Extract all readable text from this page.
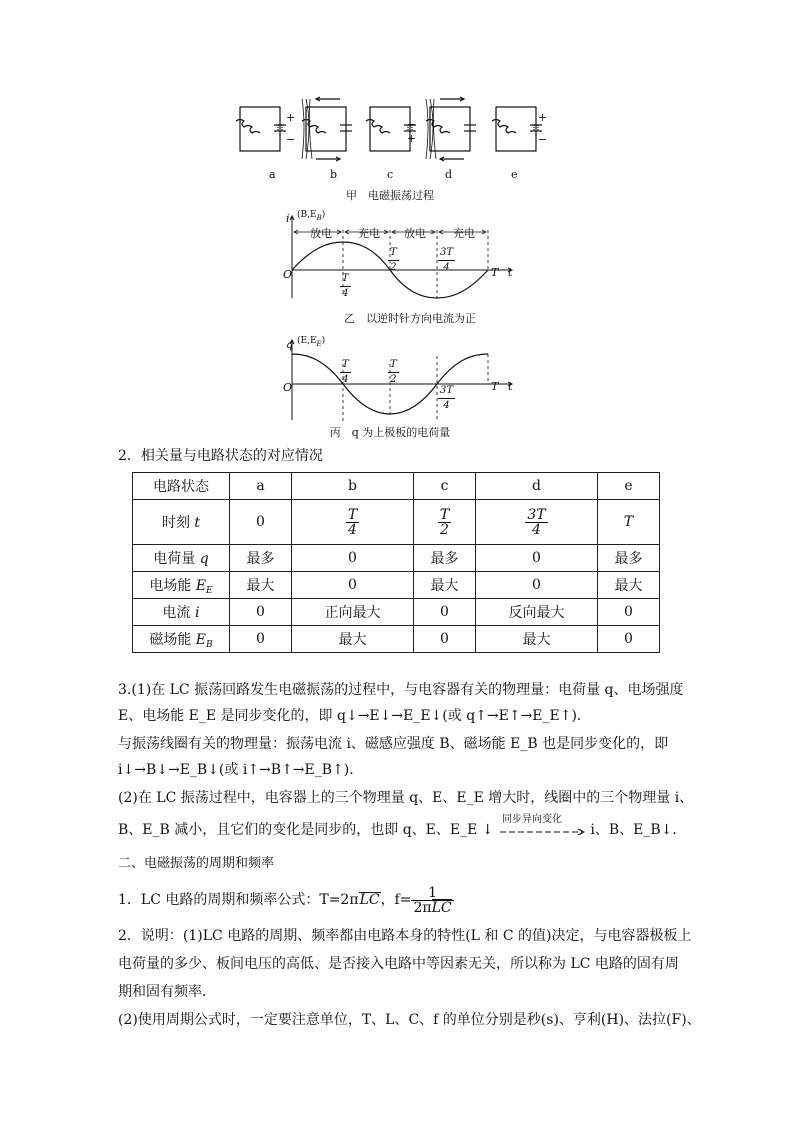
+
−
−
+
+
−
a	b	c	d	e
甲　电磁振荡过程
i $(B,E_B)$
放电 充电 放电 充电
O	t
$\frac{T}{4}$
$\frac{T}{2}$	$\frac{3T}{4}$	T
乙　以逆时针方向电流为正
q $(E,E_E)$
O	t
$\frac{T}{4}$	$\frac{T}{2}$
$\frac{3T}{4}$	T
丙　q 为上极板的电荷量
2．相关量与电路状态的对应情况
电路状态	a	b	c	d	e
时刻 t	0	$\frac{T}{4}$	$\frac{T}{2}$	$\frac{3T}{4}$	T
电荷量 q	最多	0	最多	0	最多
电场能 $E_E$	最大	0	最大	0	最大
电流 i	0	正向最大	0	反向最大	0
磁场能 $E_B$	0	最大	0	最大	0
3.(1)在 LC 振荡回路发生电磁振荡的过程中，与电容器有关的物理量：电荷量 q、电场强度
E、电场能 E_E 是同步变化的，即 q↓→E↓→E_E↓(或 q↑→E↑→E_E↑)．
与振荡线圈有关的物理量：振荡电流 i、磁感应强度 B、磁场能 E_B 也是同步变化的，即
i↓→B↓→E_B↓(或 i↑→B↑→E_B↑)．
(2)在 LC 振荡过程中，电容器上的三个物理量 q、E、E_E 增大时，线圈中的三个物理量 i、
B、E_B 减小，且它们的变化是同步的，也即 q、E、E_E ↓
同步异向变化
i、B、E_B↓．
二、电磁振荡的周期和频率
1．LC 电路的周期和频率公式：T=2πLC，$f= \frac{1}{\text{2πLC}}$
2．说明：(1)LC 电路的周期、频率都由电路本身的特性(L 和 C 的值)决定，与电容器极板上
电荷量的多少、板间电压的高低、是否接入电路中等因素无关，所以称为 LC 电路的固有周
期和固有频率．
(2)使用周期公式时，一定要注意单位，T、L、C、f 的单位分别是秒(s)、亨利(H)、法拉(F)、
